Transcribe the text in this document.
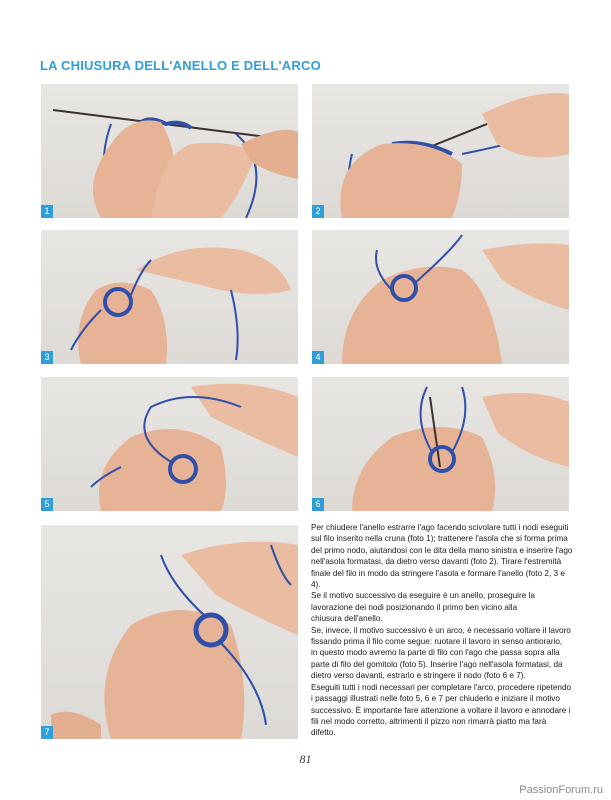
LA CHIUSURA DELL'ANELLO E DELL'ARCO
1	2
3	4
5	6
7

Per chiudere l'anello estrarre l'ago facendo scivolare tutti i nodi eseguiti

sul filo inserito nella cruna (foto 1); trattenere l'asola che si forma prima

del primo nodo, aiutandosi con le dita della mano sinistra e inserire l'ago

nell'asola formatasi, da dietro verso davanti (foto 2). Tirare l'estremità

finale del filo in modo da stringere l'asola e formare l'anello (foto 2, 3 e 4).

Se il motivo successivo da eseguire è un anello, proseguire la

lavorazione dei nodi posizionando il primo ben vicino alla

chiusura dell'anello.

Se, invece, il motivo successivo è un arco, è necessario voltare il lavoro

fissando prima il filo come segue: ruotare il lavoro in senso antiorario,

in questo modo avremo la parte di filo con l'ago che passa sopra alla

parte di filo del gomitolo (foto 5). Inserire l'ago nell'asola formatasi, da

dietro verso davanti, estrarlo e stringere il nodo (foto 6 e 7).

Eseguiti tutti i nodi necessari per completare l'arco, procedere ripetendo

i passaggi illustrati nelle foto 5, 6 e 7 per chiuderlo e iniziare il motivo

successivo. È importante fare attenzione a voltare il lavoro e annodare i

fili nel modo corretto, altrimenti il pizzo non rimarrà piatto ma farà difetto.

81
PassionForum.ru
